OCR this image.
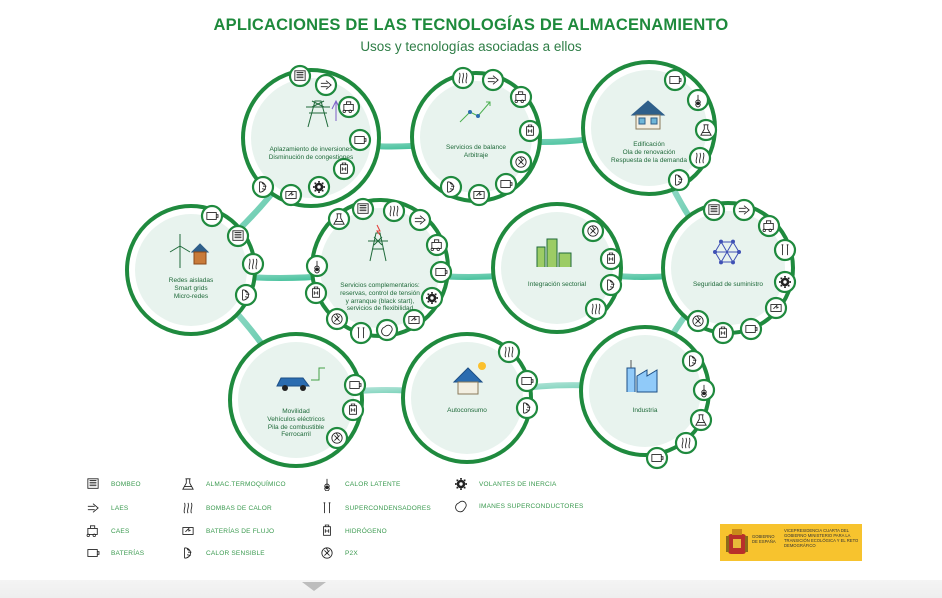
APLICACIONES DE LAS TECNOLOGÍAS DE ALMACENAMIENTO
Usos y tecnologías asociadas a ellos
Aplazamiento de inversiones
Disminución de congestiones
Servicios de balance
Arbitraje
Edificación
Ola de renovación
Respuesta de la demanda
Redes aisladas
Smart grids
Micro-redes
Servicios complementarios:
reservas, control de tensión
y arranque (black start),
servicios de flexibilidad
Integración sectorial	Seguridad de suministro
Movilidad
Vehículos eléctricos
Pila de combustible
Ferrocarril
Autoconsumo	Industria
BOMBEO
LAES
CAES
BATERÍAS
ALMAC.TERMOQUÍMICO
BOMBAS DE CALOR
BATERÍAS DE FLUJO
CALOR SENSIBLE
CALOR LATENTE
SUPERCONDENSADORES
HIDRÓGENO
P2X
VOLANTES DE INERCIA
IMANES SUPERCONDUCTORES
GOBIERNO DE ESPAÑA
VICEPRESIDENCIA CUARTA DEL GOBIERNO MINISTERIO PARA LA TRANSICIÓN ECOLÓGICA Y EL RETO DEMOGRÁFICO
